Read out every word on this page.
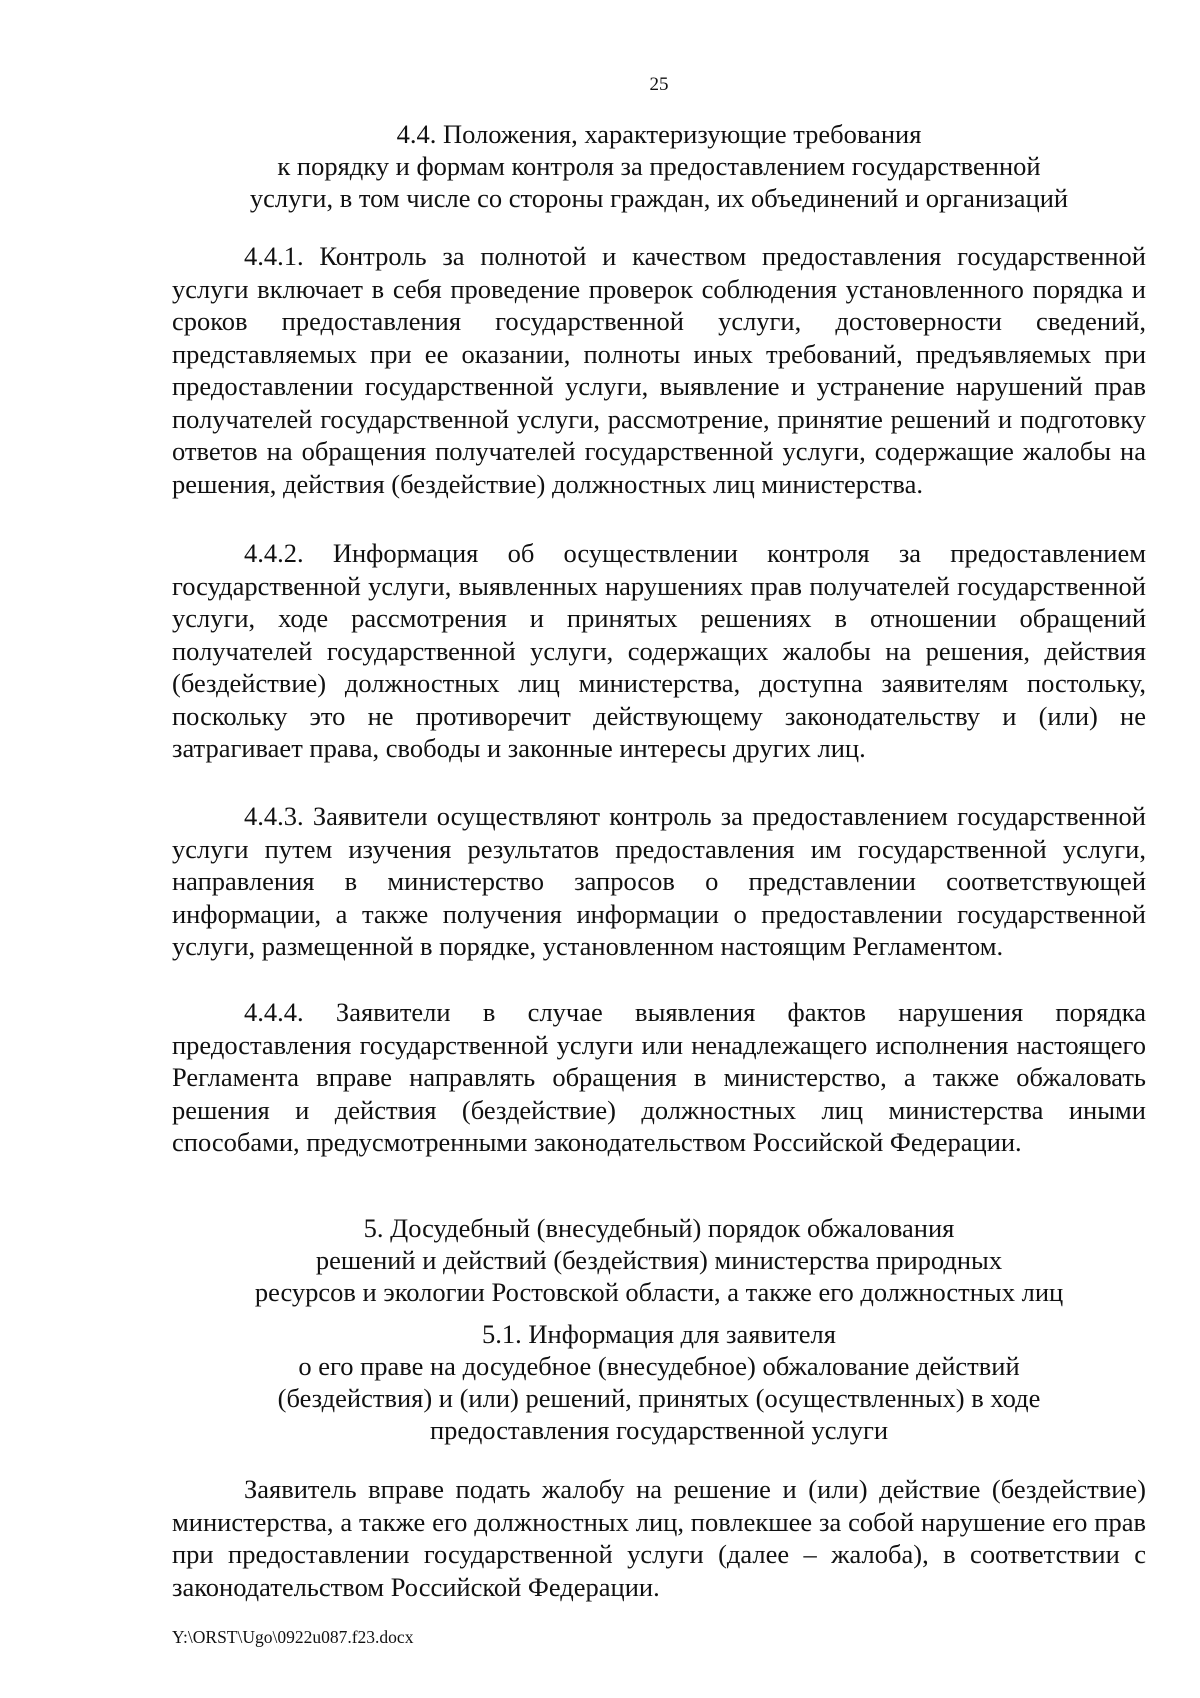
25
4.4. Положения, характеризующие требования
к порядку и формам контроля за предоставлением государственной
услуги, в том числе со стороны граждан, их объединений и организаций

4.4.1. Контроль за полнотой и качеством предоставления государственной услуги включает в себя проведение проверок соблюдения установленного порядка и сроков предоставления государственной услуги, достоверности сведений, представляемых при ее оказании, полноты иных требований, предъявляемых при предоставлении государственной услуги, выявление и устранение нарушений прав получателей государственной услуги, рассмотрение, принятие решений и подготовку ответов на обращения получателей государственной услуги, содержащие жалобы на решения, действия (бездействие) должностных лиц министерства.

4.4.2. Информация об осуществлении контроля за предоставлением государственной услуги, выявленных нарушениях прав получателей государственной услуги, ходе рассмотрения и принятых решениях в отношении обращений получателей государственной услуги, содержащих жалобы на решения, действия (бездействие) должностных лиц министерства, доступна заявителям постольку, поскольку это не противоречит действующему законодательству и (или) не затрагивает права, свободы и законные интересы других лиц.

4.4.3. Заявители осуществляют контроль за предоставлением государственной услуги путем изучения результатов предоставления им государственной услуги, направления в министерство запросов о представлении соответствующей информации, а также получения информации о предоставлении государственной услуги, размещенной в порядке, установленном настоящим Регламентом.

4.4.4. Заявители в случае выявления фактов нарушения порядка предоставления государственной услуги или ненадлежащего исполнения настоящего Регламента вправе направлять обращения в министерство, а также обжаловать решения и действия (бездействие) должностных лиц министерства иными способами, предусмотренными законодательством Российской Федерации.

5. Досудебный (внесудебный) порядок обжалования
решений и действий (бездействия) министерства природных
ресурсов и экологии Ростовской области, а также его должностных лиц
5.1. Информация для заявителя
о его праве на досудебное (внесудебное) обжалование действий
(бездействия) и (или) решений, принятых (осуществленных) в ходе
предоставления государственной услуги

Заявитель вправе подать жалобу на решение и (или) действие (бездействие) министерства, а также его должностных лиц, повлекшее за собой нарушение его прав при предоставлении государственной услуги (далее – жалоба), в соответствии с законодательством Российской Федерации.

Y:\ORST\Ugo\0922u087.f23.docx
